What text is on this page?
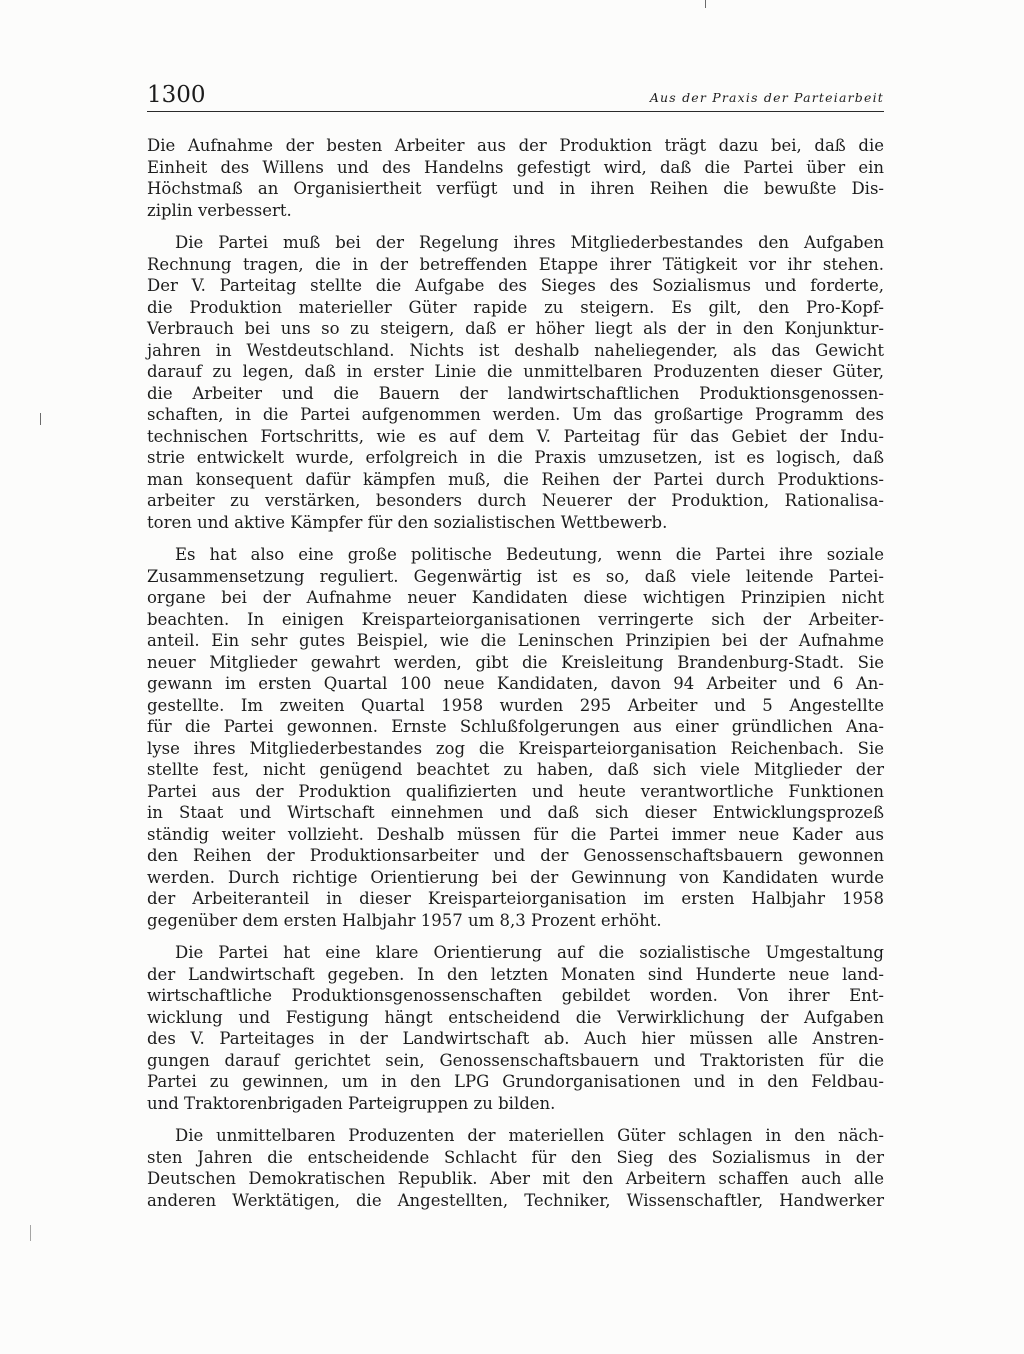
1300	Aus der Praxis der Parteiarbeit
Die Aufnahme der besten Arbeiter aus der Produktion trägt dazu bei, daß die
Einheit des Willens und des Handelns gefestigt wird, daß die Partei über ein
Höchstmaß an Organisiertheit verfügt und in ihren Reihen die bewußte Dis-
ziplin verbessert.
Die Partei muß bei der Regelung ihres Mitgliederbestandes den Aufgaben
Rechnung tragen, die in der betreffenden Etappe ihrer Tätigkeit vor ihr stehen.
Der V. Parteitag stellte die Aufgabe des Sieges des Sozialismus und forderte,
die Produktion materieller Güter rapide zu steigern. Es gilt, den Pro-Kopf-
Verbrauch bei uns so zu steigern, daß er höher liegt als der in den Konjunktur-
jahren in Westdeutschland. Nichts ist deshalb naheliegender, als das Gewicht
darauf zu legen, daß in erster Linie die unmittelbaren Produzenten dieser Güter,
die Arbeiter und die Bauern der landwirtschaftlichen Produktionsgenossen-
schaften, in die Partei aufgenommen werden. Um das großartige Programm des
technischen Fortschritts, wie es auf dem V. Parteitag für das Gebiet der Indu-
strie entwickelt wurde, erfolgreich in die Praxis umzusetzen, ist es logisch, daß
man konsequent dafür kämpfen muß, die Reihen der Partei durch Produktions-
arbeiter zu verstärken, besonders durch Neuerer der Produktion, Rationalisa-
toren und aktive Kämpfer für den sozialistischen Wettbewerb.
Es hat also eine große politische Bedeutung, wenn die Partei ihre soziale
Zusammensetzung reguliert. Gegenwärtig ist es so, daß viele leitende Partei-
organe bei der Aufnahme neuer Kandidaten diese wichtigen Prinzipien nicht
beachten. In einigen Kreisparteiorganisationen verringerte sich der Arbeiter-
anteil. Ein sehr gutes Beispiel, wie die Leninschen Prinzipien bei der Aufnahme
neuer Mitglieder gewahrt werden, gibt die Kreisleitung Brandenburg-Stadt. Sie
gewann im ersten Quartal 100 neue Kandidaten, davon 94 Arbeiter und 6 An-
gestellte. Im zweiten Quartal 1958 wurden 295 Arbeiter und 5 Angestellte
für die Partei gewonnen. Ernste Schlußfolgerungen aus einer gründlichen Ana-
lyse ihres Mitgliederbestandes zog die Kreisparteiorganisation Reichenbach. Sie
stellte fest, nicht genügend beachtet zu haben, daß sich viele Mitglieder der
Partei aus der Produktion qualifizierten und heute verantwortliche Funktionen
in Staat und Wirtschaft einnehmen und daß sich dieser Entwicklungsprozeß
ständig weiter vollzieht. Deshalb müssen für die Partei immer neue Kader aus
den Reihen der Produktionsarbeiter und der Genossenschaftsbauern gewonnen
werden. Durch richtige Orientierung bei der Gewinnung von Kandidaten wurde
der Arbeiteranteil in dieser Kreisparteiorganisation im ersten Halbjahr 1958
gegenüber dem ersten Halbjahr 1957 um 8,3 Prozent erhöht.
Die Partei hat eine klare Orientierung auf die sozialistische Umgestaltung
der Landwirtschaft gegeben. In den letzten Monaten sind Hunderte neue land-
wirtschaftliche Produktionsgenossenschaften gebildet worden. Von ihrer Ent-
wicklung und Festigung hängt entscheidend die Verwirklichung der Aufgaben
des V. Parteitages in der Landwirtschaft ab. Auch hier müssen alle Anstren-
gungen darauf gerichtet sein, Genossenschaftsbauern und Traktoristen für die
Partei zu gewinnen, um in den LPG Grundorganisationen und in den Feldbau-
und Traktorenbrigaden Parteigruppen zu bilden.
Die unmittelbaren Produzenten der materiellen Güter schlagen in den näch-
sten Jahren die entscheidende Schlacht für den Sieg des Sozialismus in der
Deutschen Demokratischen Republik. Aber mit den Arbeitern schaffen auch alle
anderen Werktätigen, die Angestellten, Techniker, Wissenschaftler, Handwerker
